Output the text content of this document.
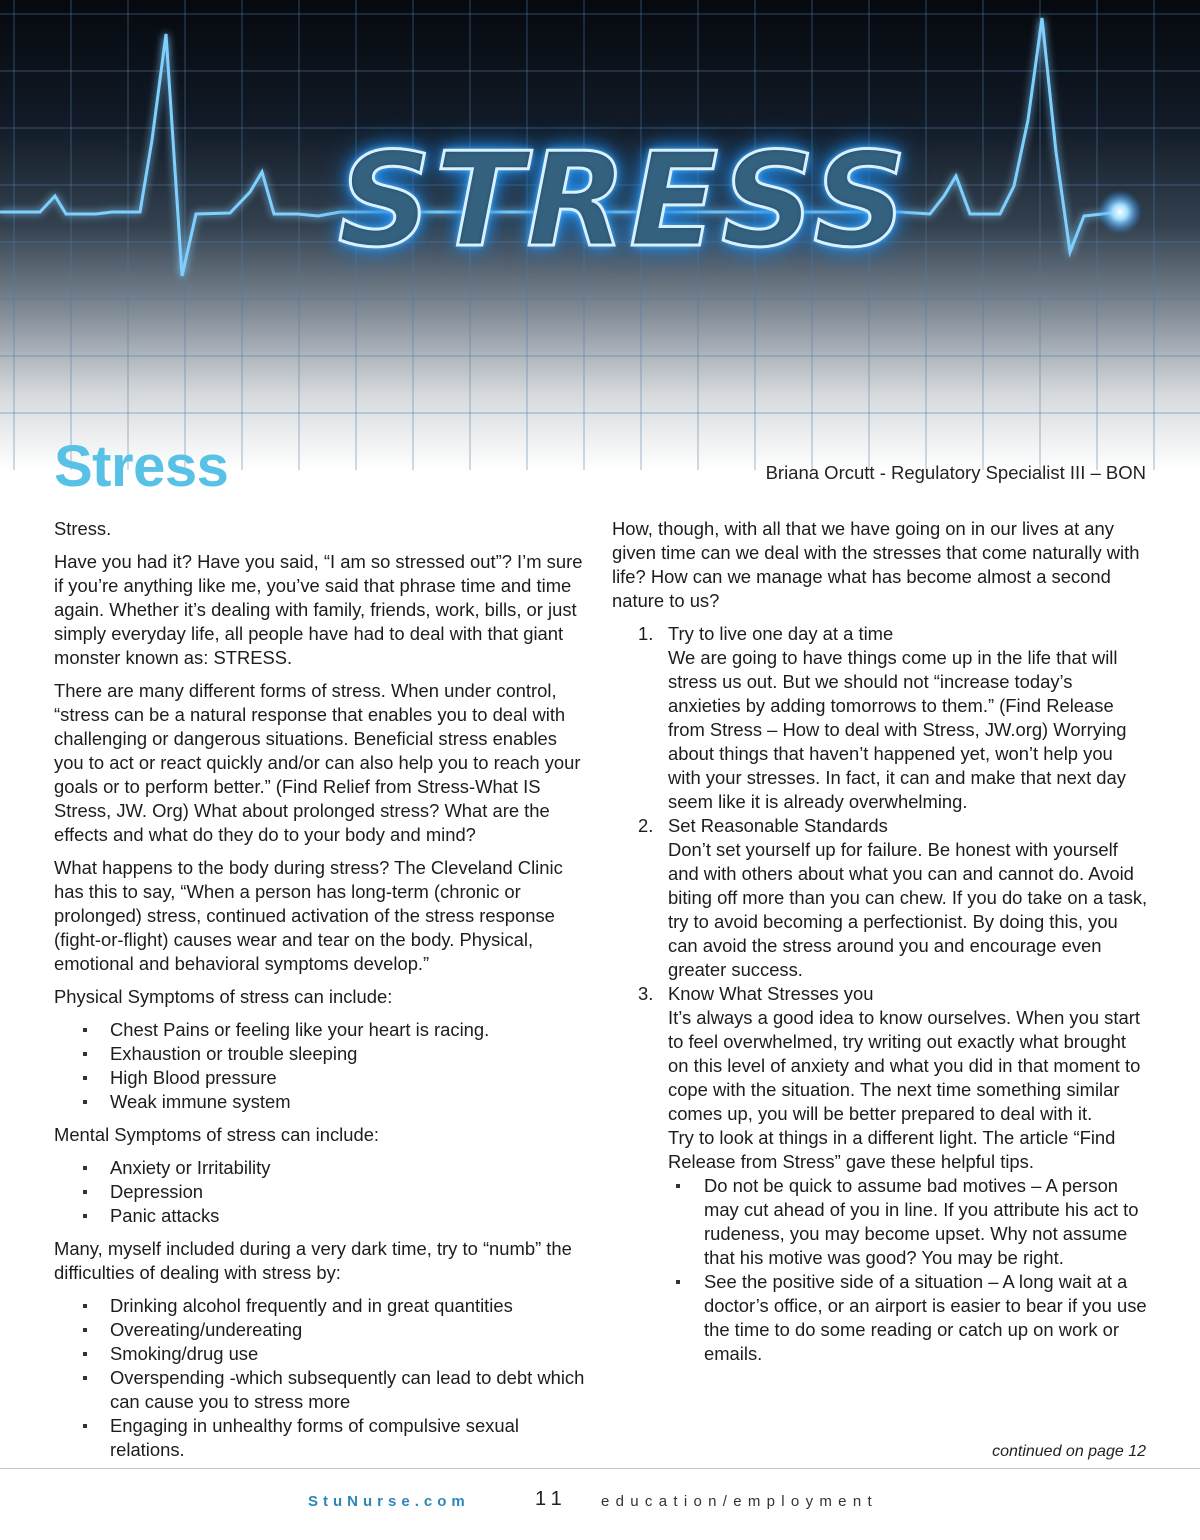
STRESS
Stress	Briana Orcutt - Regulatory Specialist III – BON

Stress.

Have you had it? Have you said, “I am so stressed out”? I’m sure if you’re anything like me, you’ve said that phrase time and time again. Whether it’s dealing with family, friends, work, bills, or just simply everyday life, all people have had to deal with that giant monster known as: STRESS.

There are many different forms of stress. When under control, “stress can be a natural response that enables you to deal with challenging or dangerous situations. Beneficial stress enables you to act or react quickly and/or can also help you to reach your goals or to perform better.” (Find Relief from Stress-What IS Stress, JW. Org) What about prolonged stress? What are the effects and what do they do to your body and mind?

What happens to the body during stress? The Cleveland Clinic has this to say, “When a person has long-term (chronic or prolonged) stress, continued activation of the stress response (fight-or-flight) causes wear and tear on the body. Physical, emotional and behavioral symptoms develop.”

Physical Symptoms of stress can include:

Chest Pains or feeling like your heart is racing.
Exhaustion or trouble sleeping
High Blood pressure
Weak immune system

Mental Symptoms of stress can include:

Anxiety or Irritability
Depression
Panic attacks

Many, myself included during a very dark time, try to “numb” the difficulties of dealing with stress by:

Drinking alcohol frequently and in great quantities
Overeating/undereating
Smoking/drug use
Overspending -which subsequently can lead to debt which can cause you to stress more
Engaging in unhealthy forms of compulsive sexual relations.

How, though, with all that we have going on in our lives at any given time can we deal with the stresses that come naturally with life? How can we manage what has become almost a second nature to us?

1. Try to live one day at a time
We are going to have things come up in the life that will stress us out. But we should not “increase today’s anxieties by adding tomorrows to them.” (Find Release from Stress – How to deal with Stress, JW.org) Worrying about things that haven’t happened yet, won’t help you with your stresses. In fact, it can and make that next day seem like it is already overwhelming.
2. Set Reasonable Standards
Don’t set yourself up for failure. Be honest with yourself and with others about what you can and cannot do. Avoid biting off more than you can chew. If you do take on a task, try to avoid becoming a perfectionist. By doing this, you can avoid the stress around you and encourage even greater success.
3. Know What Stresses you
It’s always a good idea to know ourselves. When you start to feel overwhelmed, try writing out exactly what brought on this level of anxiety and what you did in that moment to cope with the situation. The next time something similar comes up, you will be better prepared to deal with it.
Try to look at things in a different light. The article “Find Release from Stress” gave these helpful tips.
Do not be quick to assume bad motives – A person may cut ahead of you in line. If you attribute his act to rudeness, you may become upset. Why not assume that his motive was good? You may be right.
See the positive side of a situation – A long wait at a doctor’s office, or an airport is easier to bear if you use the time to do some reading or catch up on work or emails.
continued on page 12
StuNurse.com	11 education/employment
